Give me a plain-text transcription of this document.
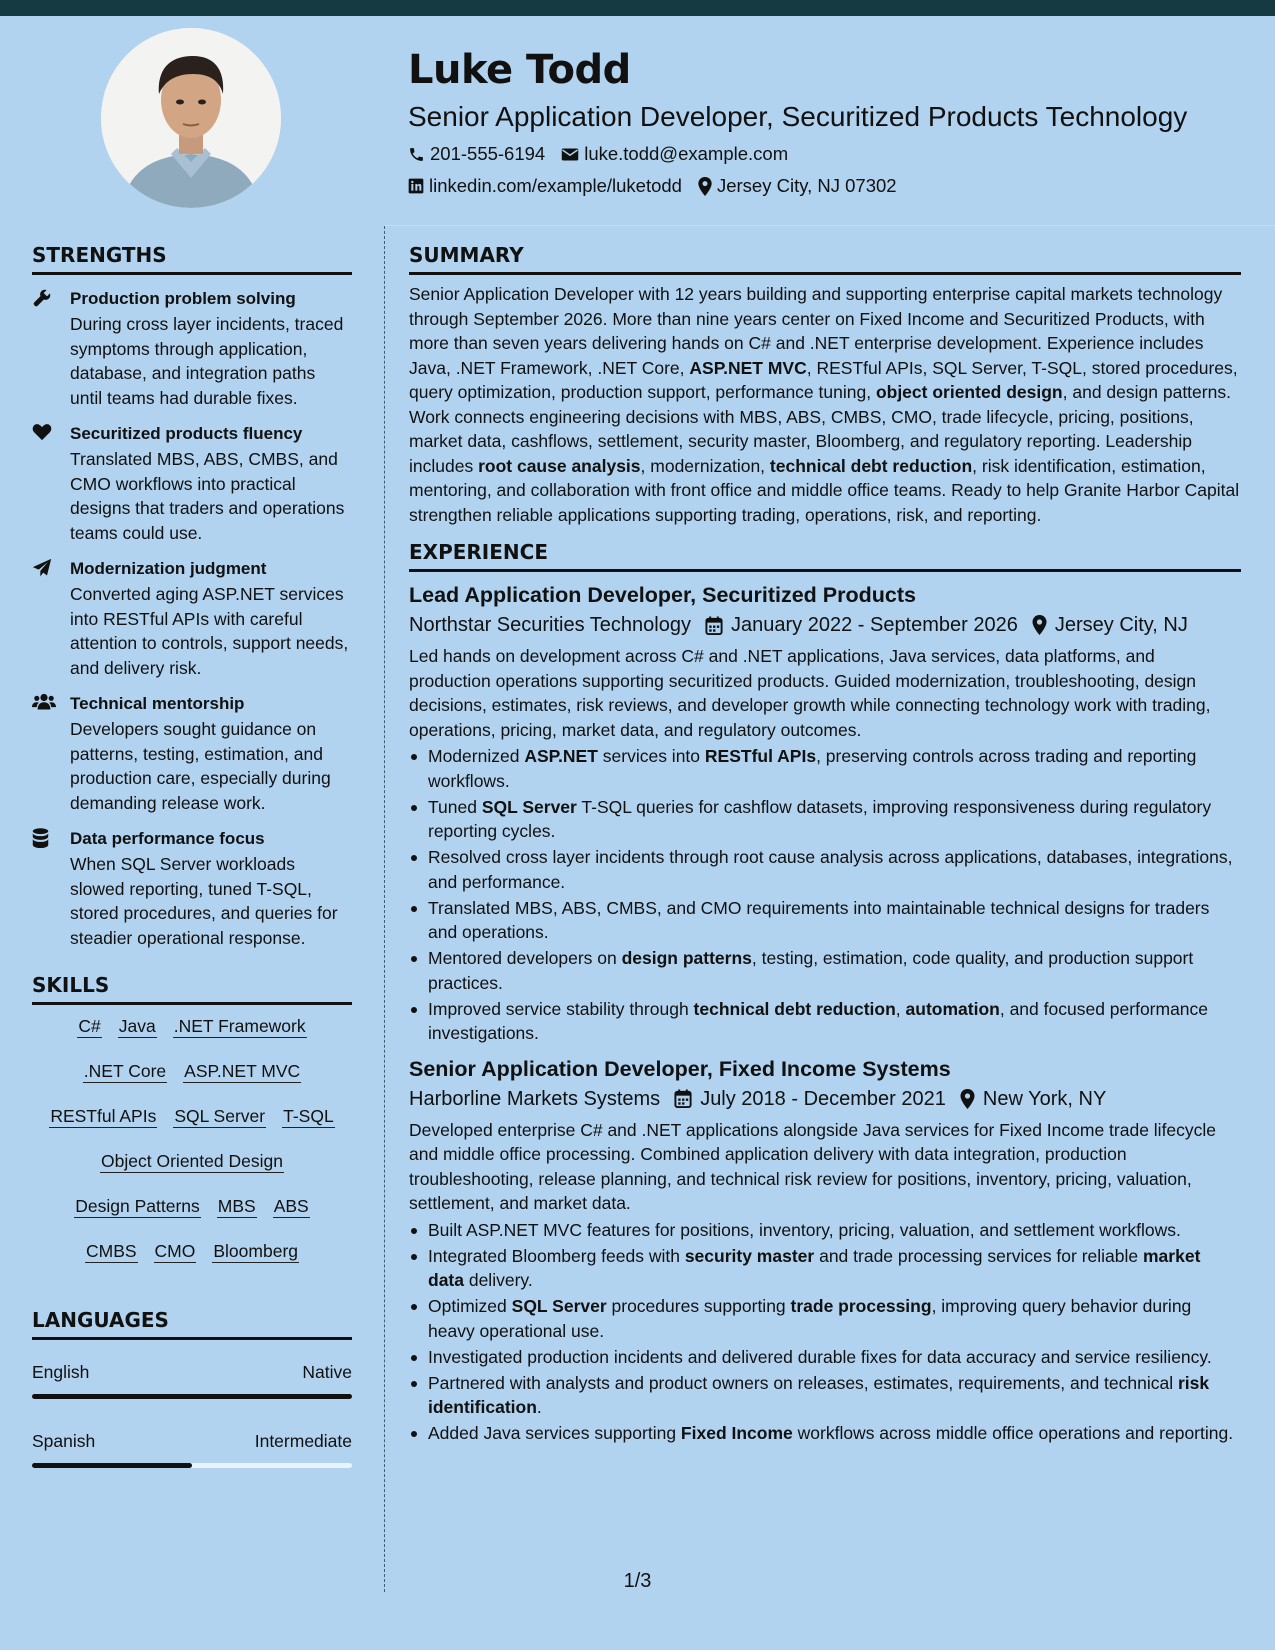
Luke Todd
Senior Application Developer, Securitized Products Technology
201-555-6194 luke.todd@example.com
linkedin.com/example/luketodd Jersey City, NJ 07302
STRENGTHS
Production problem solving
During cross layer incidents, traced symptoms through application, database, and integration paths until teams had durable fixes.
Securitized products fluency
Translated MBS, ABS, CMBS, and CMO workflows into practical designs that traders and operations teams could use.
Modernization judgment
Converted aging ASP.NET services into RESTful APIs with careful attention to controls, support needs, and delivery risk.
Technical mentorship
Developers sought guidance on patterns, testing, estimation, and production care, especially during demanding release work.
Data performance focus
When SQL Server workloads slowed reporting, tuned T-SQL, stored procedures, and queries for steadier operational response.
SKILLS
C# Java .NET Framework
.NET Core ASP.NET MVC
RESTful APIs SQL Server T-SQL
Object Oriented Design
Design Patterns MBS ABS
CMBS CMO Bloomberg
LANGUAGES
English	Native
Spanish	Intermediate
SUMMARY
Senior Application Developer with 12 years building and supporting enterprise capital markets technology through September 2026. More than nine years center on Fixed Income and Securitized Products, with more than seven years delivering hands on C# and .NET enterprise development. Experience includes Java, .NET Framework, .NET Core, ASP.NET MVC, RESTful APIs, SQL Server, T-SQL, stored procedures, query optimization, production support, performance tuning, object oriented design, and design patterns. Work connects engineering decisions with MBS, ABS, CMBS, CMO, trade lifecycle, pricing, positions, market data, cashflows, settlement, security master, Bloomberg, and regulatory reporting. Leadership includes root cause analysis, modernization, technical debt reduction, risk identification, estimation, mentoring, and collaboration with front office and middle office teams. Ready to help Granite Harbor Capital strengthen reliable applications supporting trading, operations, risk, and reporting.
EXPERIENCE
Lead Application Developer, Securitized Products
Northstar Securities Technology January 2022 - September 2026 Jersey City, NJ
Led hands on development across C# and .NET applications, Java services, data platforms, and production operations supporting securitized products. Guided modernization, troubleshooting, design decisions, estimates, risk reviews, and developer growth while connecting technology work with trading, operations, pricing, market data, and regulatory outcomes.
Modernized ASP.NET services into RESTful APIs, preserving controls across trading and reporting workflows.
Tuned SQL Server T-SQL queries for cashflow datasets, improving responsiveness during regulatory reporting cycles.
Resolved cross layer incidents through root cause analysis across applications, databases, integrations, and performance.
Translated MBS, ABS, CMBS, and CMO requirements into maintainable technical designs for traders and operations.
Mentored developers on design patterns, testing, estimation, code quality, and production support practices.
Improved service stability through technical debt reduction, automation, and focused performance investigations.
Senior Application Developer, Fixed Income Systems
Harborline Markets Systems July 2018 - December 2021 New York, NY
Developed enterprise C# and .NET applications alongside Java services for Fixed Income trade lifecycle and middle office processing. Combined application delivery with data integration, production troubleshooting, release planning, and technical risk review for positions, inventory, pricing, valuation, settlement, and market data.
Built ASP.NET MVC features for positions, inventory, pricing, valuation, and settlement workflows.
Integrated Bloomberg feeds with security master and trade processing services for reliable market data delivery.
Optimized SQL Server procedures supporting trade processing, improving query behavior during heavy operational use.
Investigated production incidents and delivered durable fixes for data accuracy and service resiliency.
Partnered with analysts and product owners on releases, estimates, requirements, and technical risk identification.
Added Java services supporting Fixed Income workflows across middle office operations and reporting.
1/3
